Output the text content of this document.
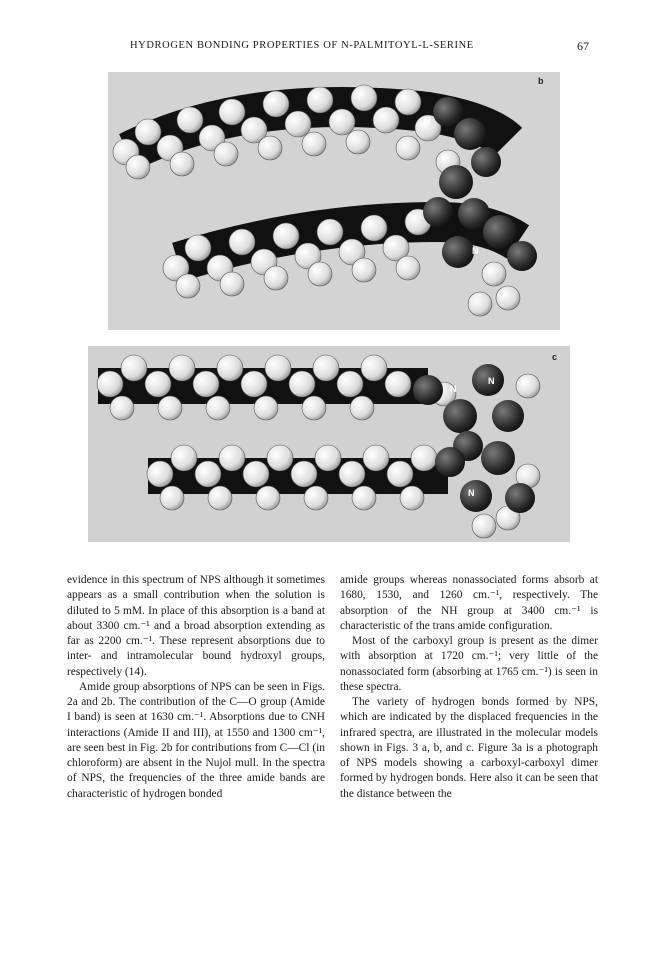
HYDROGEN BONDING PROPERTIES OF N-PALMITOYL-L-SERINE	67
N
N
b
N
N
N
c

evidence in this spectrum of NPS although it sometimes appears as a small contribution when the solution is diluted to 5 mM. In place of this absorption is a band at about 3300 cm.⁻¹ and a broad absorption extending as far as 2200 cm.⁻¹. These represent absorptions due to inter- and intramolecular bound hydroxyl groups, respectively (14).

Amide group absorptions of NPS can be seen in Figs. 2a and 2b. The contribution of the C—O group (Amide I band) is seen at 1630 cm.⁻¹. Absorptions due to CNH interactions (Amide II and III), at 1550 and 1300 cm⁻¹, are seen best in Fig. 2b for contributions from C—Cl (in chloroform) are absent in the Nujol mull. In the spectra of NPS, the frequencies of the three amide bands are characteristic of hydrogen bonded

amide groups whereas nonassociated forms absorb at 1680, 1530, and 1260 cm.⁻¹, respectively. The absorption of the NH group at 3400 cm.⁻¹ is characteristic of the trans amide configuration.

Most of the carboxyl group is present as the dimer with absorption at 1720 cm.⁻¹; very little of the nonassociated form (absorbing at 1765 cm.⁻¹) is seen in these spectra.

The variety of hydrogen bonds formed by NPS, which are indicated by the displaced frequencies in the infrared spectra, are illustrated in the molecular models shown in Figs. 3 a, b, and c. Figure 3a is a photograph of NPS models showing a carboxyl-carboxyl dimer formed by hydrogen bonds. Here also it can be seen that the distance between the
